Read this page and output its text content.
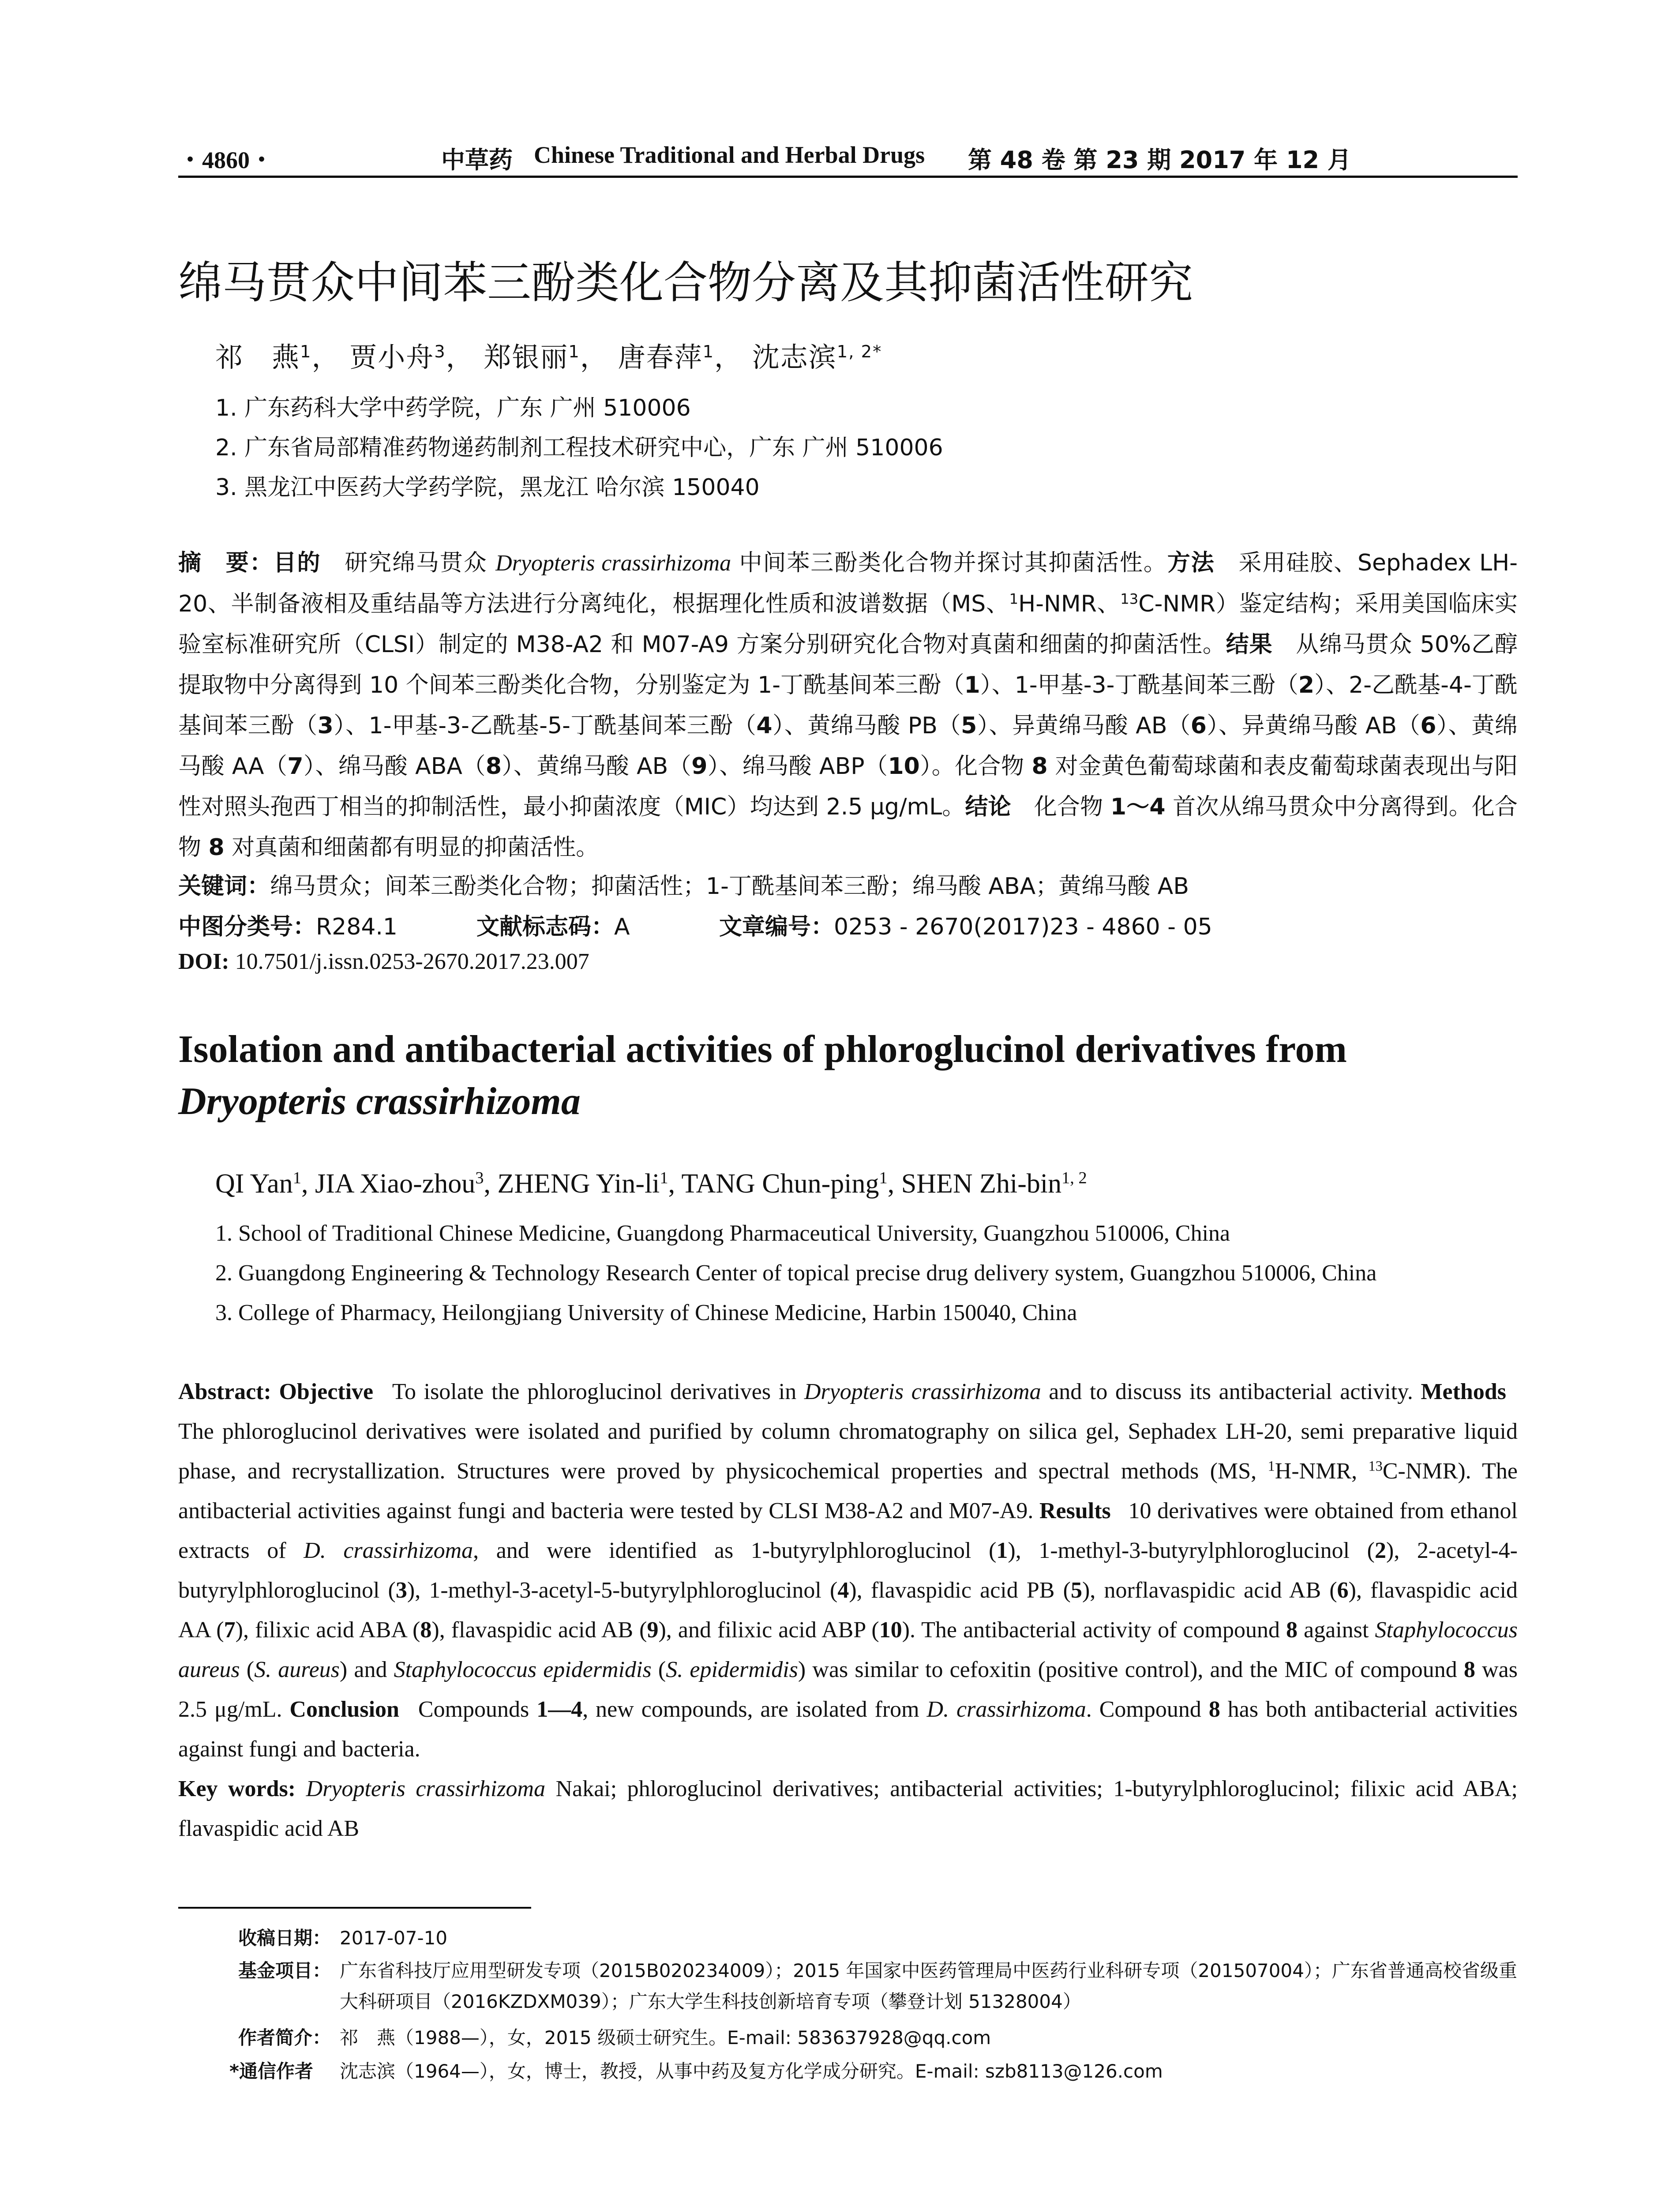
・4860・	中草药 Chinese Traditional and Herbal Drugs 第 48 卷 第 23 期 2017 年 12 月
绵马贯众中间苯三酚类化合物分离及其抑菌活性研究
祁　燕$^1$， 贾小舟$^3$， 郑银丽$^1$， 唐春萍$^1$， 沈志滨$^{1, 2*}$
1. 广东药科大学中药学院，广东 广州 510006
2. 广东省局部精准药物递药制剂工程技术研究中心，广东 广州 510006
3. 黑龙江中医药大学药学院，黑龙江 哈尔滨 150040
摘　要：目的  研究绵马贯众 Dryopteris crassirhizoma 中间苯三酚类化合物并探讨其抑菌活性。方法  采用硅胶、Sephadex LH-20、半制备液相及重结晶等方法进行分离纯化，根据理化性质和波谱数据（MS、$^1$H-NMR、$^{13}$C-NMR）鉴定结构；采用美国临床实验室标准研究所（CLSI）制定的 M38-A2 和 M07-A9 方案分别研究化合物对真菌和细菌的抑菌活性。结果  从绵马贯众 50%乙醇提取物中分离得到 10 个间苯三酚类化合物，分别鉴定为 1-丁酰基间苯三酚（1）、1-甲基-3-丁酰基间苯三酚（2）、2-乙酰基-4-丁酰基间苯三酚（3）、1-甲基-3-乙酰基-5-丁酰基间苯三酚（4）、黄绵马酸 PB（5）、异黄绵马酸 AB（6）、异黄绵马酸 AB（6）、黄绵马酸 AA（7）、绵马酸 ABA（8）、黄绵马酸 AB（9）、绵马酸 ABP（10）。化合物 8 对金黄色葡萄球菌和表皮葡萄球菌表现出与阳性对照头孢西丁相当的抑制活性，最小抑菌浓度（MIC）均达到 2.5 μg/mL。结论  化合物 1～4 首次从绵马贯众中分离得到。化合物 8 对真菌和细菌都有明显的抑菌活性。
关键词：绵马贯众；间苯三酚类化合物；抑菌活性；1-丁酰基间苯三酚；绵马酸 ABA；黄绵马酸 AB
中图分类号：R284.1	文献标志码：A	文章编号：0253 - 2670(2017)23 - 4860 - 05
DOI: 10.7501/j.issn.0253-2670.2017.23.007
Isolation and antibacterial activities of phloroglucinol derivatives from Dryopteris crassirhizoma
QI Yan$^1$, JIA Xiao-zhou$^3$, ZHENG Yin-$li^1$, TANG Chun-ping$^1$, SHEN Zhi-bin$^{1, 2}$
1. School of Traditional Chinese Medicine, Guangdong Pharmaceutical University, Guangzhou 510006, China
2. Guangdong Engineering & Technology Research Center of topical precise drug delivery system, Guangzhou 510006, China
3. College of Pharmacy, Heilongjiang University of Chinese Medicine, Harbin 150040, China
Abstract: Objective  To isolate the phloroglucinol derivatives in Dryopteris crassirhizoma and to discuss its antibacterial activity. Methods  The phloroglucinol derivatives were isolated and purified by column chromatography on silica gel, Sephadex LH-20, semi preparative liquid phase, and recrystallization. Structures were proved by physicochemical properties and spectral methods (MS, $^1$H-NMR, $^{13}$C-NMR). The antibacterial activities against fungi and bacteria were tested by CLSI M38-A2 and M07-A9. Results  10 derivatives were obtained from ethanol extracts of D. crassirhizoma, and were identified as 1-butyrylphloroglucinol (1), 1-methyl-3-butyrylphloroglucinol (2), 2-acetyl-4-butyrylphloroglucinol (3), 1-methyl-3-acetyl-5-butyrylphloroglucinol (4), flavaspidic acid PB (5), norflavaspidic acid AB (6), flavaspidic acid AA (7), filixic acid ABA (8), flavaspidic acid AB (9), and filixic acid ABP (10). The antibacterial activity of compound 8 against Staphylococcus aureus (S. aureus) and Staphylococcus epidermidis (S. epidermidis) was similar to cefoxitin (positive control), and the MIC of compound 8 was 2.5 μg/mL. Conclusion  Compounds 1—4, new compounds, are isolated from D. crassirhizoma. Compound 8 has both antibacterial activities against fungi and bacteria.
Key words: Dryopteris crassirhizoma Nakai; phloroglucinol derivatives; antibacterial activities; 1-butyrylphloroglucinol; filixic acid ABA; flavaspidic acid AB
收稿日期： 2017-07-10
基金项目： 广东省科技厅应用型研发专项（2015B020234009）；2015 年国家中医药管理局中医药行业科研专项（201507004）；广东省普通高校省级重大科研项目（2016KZDXM039）；广东大学生科技创新培育专项（攀登计划 51328004）
作者简介： 祁　燕（1988—），女，2015 级硕士研究生。E-mail: 583637928@qq.com
*通信作者 沈志滨（1964—），女，博士，教授，从事中药及复方化学成分研究。E-mail: szb8113@126.com
